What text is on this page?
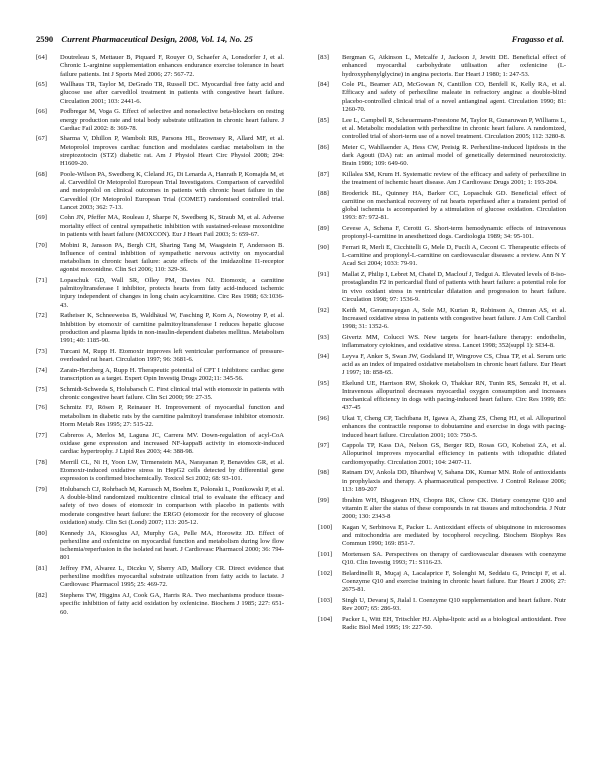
2590 Current Pharmaceutical Design, 2008, Vol. 14, No. 25	Fragasso et al.
[64] Doutreleau S, Mettauer B, Piquard F, Rouyer O, Schaefer A, Lonsdorfer J, et al. Chronic L-arginine supplementation enhances endurance exercise tolerance in heart failure patients. Int J Sports Med 2006; 27: 567-72.
[65] Wallhaus TR, Taylor M, DeGrado TR, Russell DC. Myocardial free fatty acid and glucose use after carvedilol treatment in patients with congestive heart failure. Circulation 2001; 103: 2441-6.
[66] Podbregar M, Voga G. Effect of selective and nonselective beta-blockers on resting energy production rate and total body substrate utilization in chronic heart failure. J Cardiac Fail 2002: 8: 369-78.
[67] Sharma V, Dhillon P, Wambolt RB, Parsons HL, Brownsey R, Allard MF, et al. Metoprolol improves cardiac function and modulates cardiac metabolism in the streptozotocin (STZ) diabetic rat. Am J Physiol Heart Circ Physiol 2008; 294: H1609-20.
[68] Poole-Wilson PA, Swedberg K, Cleland JG, Di Lenarda A, Hanrath P, Komajda M, et al. Carvedilol Or Metoprolol European Trial Investigators. Comparison of carvedilol and metoprolol on clinical outcomes in patients with chronic heart failure in the Carvedilol (Or Metoprolol European Trial (COMET) randomised controlled trial. Lancet 2003; 362: 7-13.
[69] Cohn JN, Pfeffer MA, Rouleau J, Sharpe N, Swedberg K, Straub M, et al. Adverse mortality effect of central sympathetic inhibition with sustained-release moxonidine in patients with heart failure (MOXCON). Eur J Heart Fail 2003; 5: 659-67.
[70] Mobini R, Jansson PA, Bergh CH, Sharing Tang M, Waagstein F, Andersson B. Influence of central inhibition of sympathetic nervous activity on myocardial metabolism in chronic heart failure: acute effects of the imidazoline I1-receptor agonist moxonidine. Clin Sci 2006; 110: 329-36.
[71] Lopaschuk GD, Wall SR, Olley PM, Davies NJ. Etomoxir, a carnitine palmitoyltransferase I inhibitor, protects hearts from fatty acid-induced ischemic injury independent of changes in long chain acylcarnitine. Circ Res 1988; 63:1036-43.
[72] Ratheiser K, Schneeweiss B, Waldhäusl W, Fasching P, Korn A, Nowotny P, et al. Inhibition by etomoxir of carnitine palmitoyltransferase I reduces hepatic glucose production and plasma lipids in non-insulin-dependent diabetes mellitus. Metabolism 1991; 40: 1185-90.
[73] Turcani M, Rupp H. Etomoxir improves left ventricular performance of pressure-overloaded rat heart. Circulation 1997; 96: 3681-6.
[74] Zarain-Herzberg A, Rupp H. Therapeutic potential of CPT I inhibitors: cardiac gene transcription as a target. Expert Opin Investig Drugs 2002;11: 345-56.
[75] Schmidt-Schweda S, Holubarsch C. First clinical trial with etomoxir in patients with chronic congestive heart failure. Clin Sci 2000; 99: 27-35.
[76] Schmitz FJ, Rösen P, Reinauer H. Improvement of myocardial function and metabolism in diabetic rats by the carnitine palmitoyl transferase inhibitor etomoxir. Horm Metab Res 1995; 27: 515-22.
[77] Cabreros A, Merlos M, Laguna JC, Carrera MV. Down-regulation of acyl-CoA oxidase gene expression and increased NF-kappaB activity in etomoxir-induced cardiac hypertrophy. J Lipid Res 2003; 44: 388-98.
[78] Merrill CL, Ni H, Yoon LW, Tirmenstein MA, Narayanan P, Benavides GR, et al. Etomoxir-induced oxidative stress in HepG2 cells detected by differential gene expression is confirmed biochemically. Toxicol Sci 2002; 68: 93-101.
[79] Holubarsch CJ, Rohrbach M, Karrasch M, Boehm E, Polonski L, Ponikowski P, et al. A double-blind randomized multicentre clinical trial to evaluate the efficacy and safety of two doses of etomoxir in comparison with placebo in patients with moderate congestive heart failure: the ERGO (etomoxir for the recovery of glucose oxidation) study. Clin Sci (Lond) 2007; 113: 205-12.
[80] Kennedy JA, Kiosoglus AJ, Murphy GA, Pelle MA, Horowitz JD. Effect of perhexiline and oxfenicine on myocardial function and metabolism during low flow ischemia/reperfusion in the isolated rat heart. J Cardiovasc Pharmacol 2000; 36: 794-801
[81] Jeffrey FM, Alvarez L, Diczku V, Sherry AD, Mallory CR. Direct evidence that perhexiline modifies myocardial substrate utilization from fatty acids to lactate. J Cardiovasc Pharmacol 1995; 25: 469-72.
[82] Stephens TW, Higgins AJ, Cook GA, Harris RA. Two mechanisms produce tissue-specific inhibition of fatty acid oxidation by oxfenicine. Biochem J 1985; 227: 651-60.
[83] Bergman G, Atkinson L, Metcalfe J, Jackson J, Jewitt DE. Beneficial effect of enhanced myocardial carbohydrate utilisation after oxfenicine (L-hydroxyphenylglycine) in angina pectoris. Eur Heart J 1980; 1: 247-53.
[84] Cole PL, Beamer AD, McGowan N, Cantillon CO, Benfell K, Kelly RA, et al. Efficacy and safety of perhexiline maleate in refractory angina: a double-blind placebo-controlled clinical trial of a novel antianginal agent. Circulation 1990; 81: 1260-70.
[85] Lee L, Campbell R, Scheuermann-Freestone M, Taylor R, Gunaruwan P, Williams L, et al. Metabolic modulation with perhexiline in chronic heart failure. A randomized, controlled trial of short-term use of a novel treatment. Circulation 2005; 112: 3280-8.
[86] Meier C, Wahllaender A, Hess CW, Preisig R. Perhexiline-induced lipidosis in the dark Agouti (DA) rat: an animal model of genetically determined neurotoxicity. Brain 1986; 109: 649-60.
[87] Killalea SM, Krum H. Systematic review of the efficacy and safety of perhexiline in the treatment of ischemic heart disease. Am J Cardiovasc Drugs 2001; 1: 193-204.
[88] Broderick BL, Quinney HA, Barker CC, Lopaschuk GD. Beneficial effect of carnitine on mechanical recovery of rat hearts reperfused after a transient period of global ischemia is accompanied by a stimulation of glucose oxidation. Circulation 1993: 87: 972-81.
[89] Cevese A, Schena F, Cerotti G. Short-term hemodynamic effects of intravenous propionyl-l-carnitine in anesthetized dogs. Cardiologia 1989; 34: 95-101.
[90] Ferrari R, Merli E, Cicchitelli G, Mele D, Fucili A, Ceconi C. Therapeutic effects of L-carnitine and propionyl-L-carnitine on cardiovascular diseases: a review. Ann N Y Acad Sci 2004; 1033: 79-91.
[91] Mallat Z, Philip I, Lebret M, Chatel D, Maclouf J, Tedgui A. Elevated levels of 8-iso-prostaglandin F2 in pericardial fluid of patients with heart failure: a potential role for in vivo oxidant stress in ventricular dilatation and progression to heart failure. Circulation 1998; 97: 1536-9.
[92] Keith M, Geranmayegan A, Sole MJ, Kurian R, Robinson A, Omran AS, et al. Increased oxidative stress in patients with congestive heart failure. J Am Coll Cardiol 1998; 31: 1352-6.
[93] Givertz MM, Colucci WS. New targets for heart-failure therapy: endothelin, inflammatory cytokines, and oxidative stress. Lancet 1998; 352(suppl 1): SI34-8.
[94] Leyva F, Anker S, Swan JW, Godsland IF, Wingrove CS, Chua TP, et al. Serum uric acid as an index of impaired oxidative metabolism in chronic heart failure. Eur Heart J 1997; 18: 858-65.
[95] Ekelund UE, Harrison RW, Shokek O, Thakkar RN, Tunin RS, Senzaki H, et al. Intravenous allopurinol decreases myocardial oxygen consumption and increases mechanical efficiency in dogs with pacing-induced heart failure. Circ Res 1999; 85: 437-45
[96] Ukai T, Cheng CP, Tachibana H, Igawa A, Zhang ZS, Cheng HJ, et al. Allopurinol enhances the contractile response to dobutamine and exercise in dogs with pacing-induced heart failure. Circulation 2001; 103: 750-5.
[97] Cappola TP, Kass DA, Nelson GS, Berger RD, Rosas GO, Kobeissi ZA, et al. Allopurinol improves myocardial efficiency in patients with idiopathic dilated cardiomyopathy. Circulation 2001; 104: 2407-11.
[98] Ratnam DV, Ankola DD, Bhardwaj V, Sahana DK, Kumar MN. Role of antioxidants in prophylaxis and therapy. A pharmaceutical perspective. J Control Release 2006; 113: 189-207
[99] Ibrahim WH, Bhagavan HN, Chopra RK, Chow CK. Dietary coenzyme Q10 and vitamin E alter the status of these compounds in rat tissues and mitochondria. J Nutr 2000; 130: 2343-8
[100] Kagan V, Serbinova E, Packer L. Antioxidant effects of ubiquinone in microsomes and mitochondria are mediated by tocopherol recycling. Biochem Biophys Res Commun 1990; 169: 851-7.
[101] Mortensen SA. Perspectives on therapy of cardiovascular diseases with coenzyme Q10. Clin Investig 1993; 71: S116-23.
[102] Belardinelli R, Muçaj A, Lacalaprice F, Solenghi M, Seddaiu G, Principi F, et al. Coenzyme Q10 and exercise training in chronic heart failure. Eur Heart J 2006; 27: 2675-81.
[103] Singh U, Devaraj S, Jialal I. Coenzyme Q10 supplementation and heart failure. Nutr Rev 2007; 65: 286-93.
[104] Packer L, Witt EH, Tritschler HJ. Alpha-lipoic acid as a biological antioxidant. Free Radic Biol Med 1995; 19: 227-50.
